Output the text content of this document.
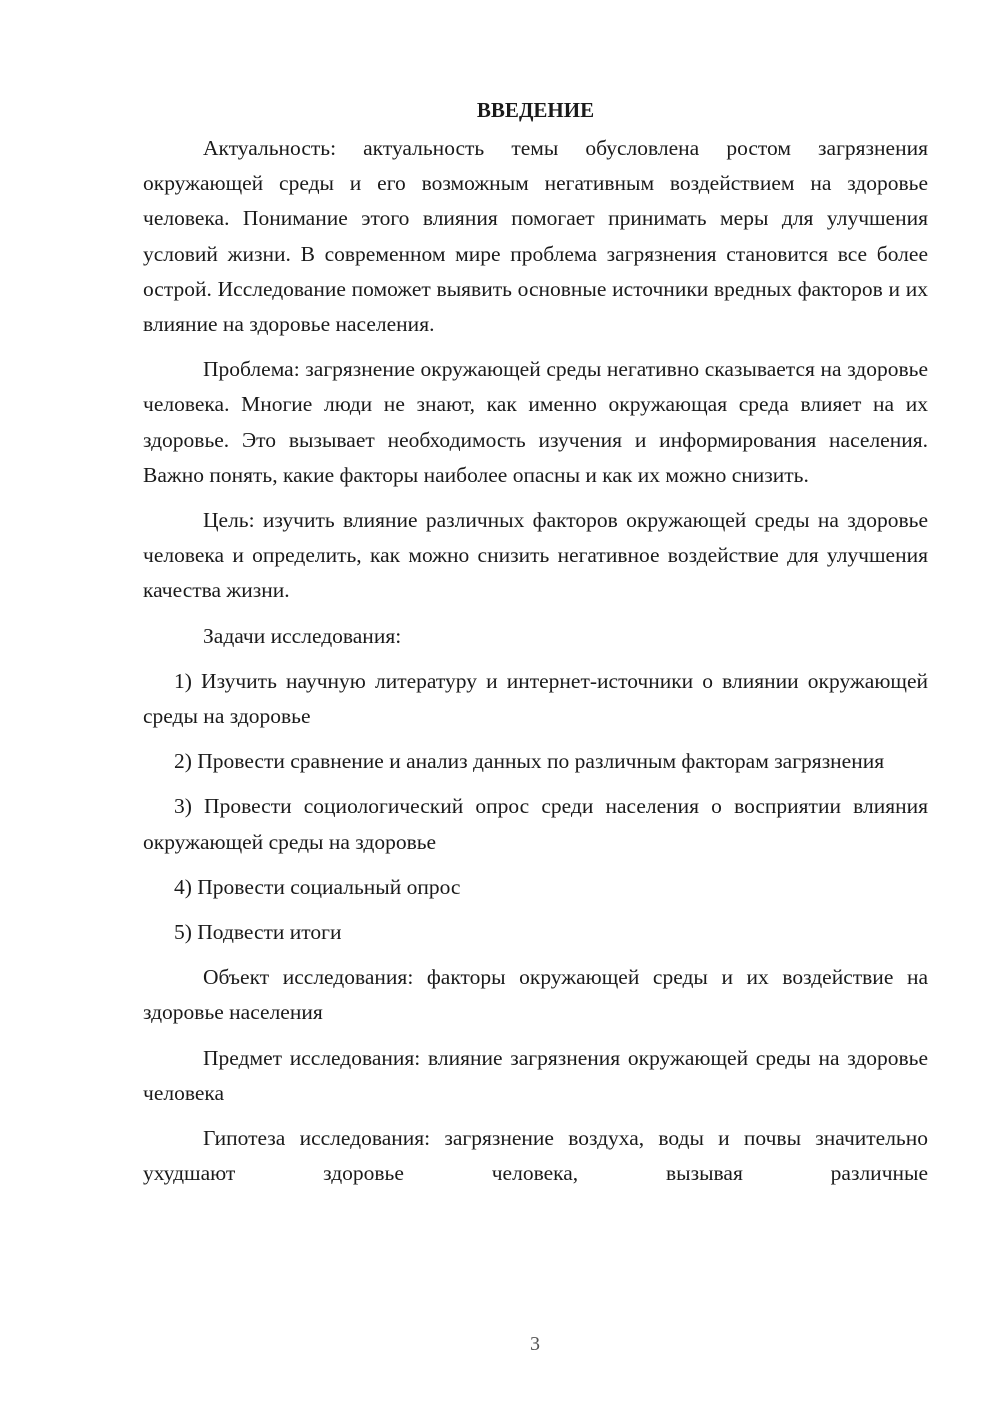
ВВЕДЕНИЕ

Актуальность: актуальность темы обусловлена ростом загрязнения окружающей среды и его возможным негативным воздействием на здоровье человека. Понимание этого влияния помогает принимать меры для улучшения условий жизни. В современном мире проблема загрязнения становится все более острой. Исследование поможет выявить основные источники вредных факторов и их влияние на здоровье населения.

Проблема: загрязнение окружающей среды негативно сказывается на здоровье человека. Многие люди не знают, как именно окружающая среда влияет на их здоровье. Это вызывает необходимость изучения и информирования населения. Важно понять, какие факторы наиболее опасны и как их можно снизить.

Цель: изучить влияние различных факторов окружающей среды на здоровье человека и определить, как можно снизить негативное воздействие для улучшения качества жизни.

Задачи исследования:

1) Изучить научную литературу и интернет-источники о влиянии окружающей среды на здоровье

2) Провести сравнение и анализ данных по различным факторам загрязнения

3) Провести социологический опрос среди населения о восприятии влияния окружающей среды на здоровье

4) Провести социальный опрос

5) Подвести итоги

Объект исследования: факторы окружающей среды и их воздействие на здоровье населения

Предмет исследования: влияние загрязнения окружающей среды на здоровье человека

Гипотеза исследования: загрязнение воздуха, воды и почвы значительно ухудшают здоровье человека, вызывая различные

3
